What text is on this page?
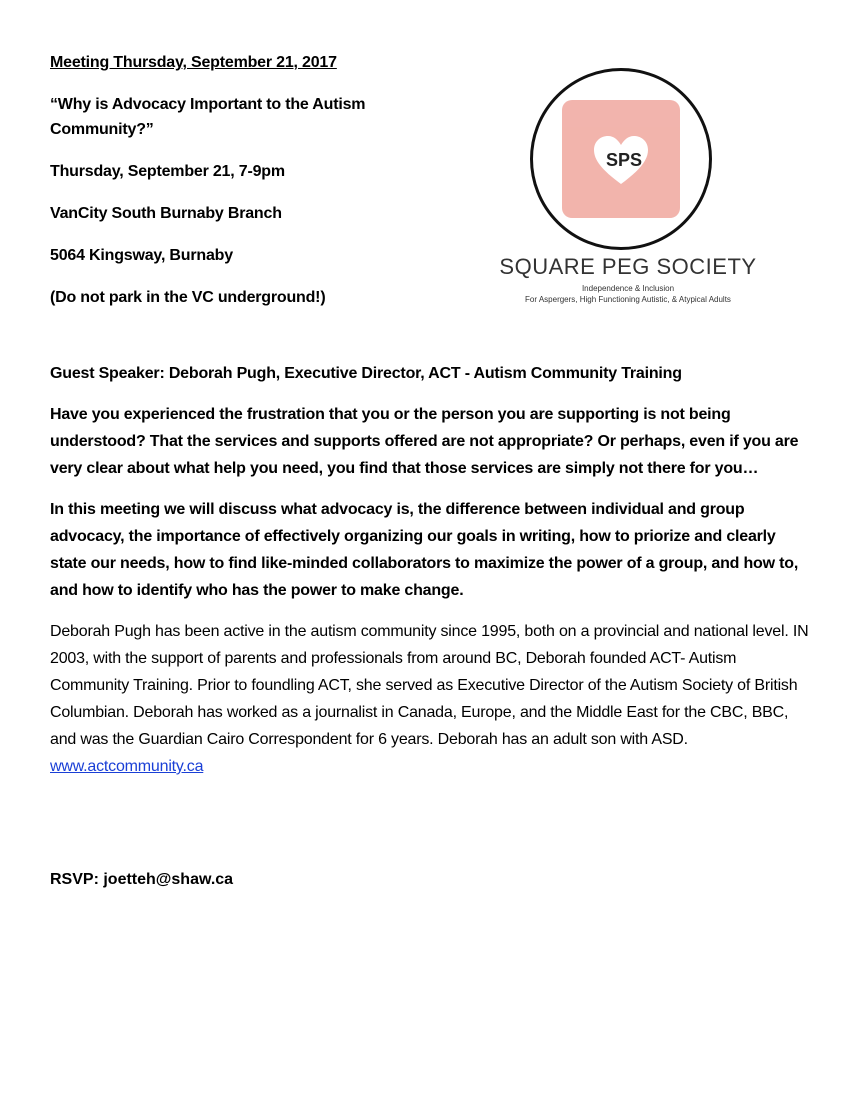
Meeting Thursday, September 21, 2017

“Why is Advocacy Important to the Autism
Community?”

Thursday, September 21, 7-9pm

VanCity South Burnaby Branch

5064 Kingsway, Burnaby

(Do not park in the VC underground!)

SPS
SQUARE PEG SOCIETY
Independence & Inclusion
For Aspergers, High Functioning Autistic, & Atypical Adults

Guest Speaker: Deborah Pugh, Executive Director, ACT - Autism Community Training

Have you experienced the frustration that you or the person you are supporting is not being understood? That the services and supports offered are not appropriate? Or perhaps, even if you are very clear about what help you need, you find that those services are simply not there for you…

In this meeting we will discuss what advocacy is, the difference between individual and group advocacy, the importance of effectively organizing our goals in writing, how to priorize and clearly state our needs, how to find like-minded collaborators to maximize the power of a group, and how to, and how to identify who has the power to make change.

Deborah Pugh has been active in the autism community since 1995, both on a provincial and national level. IN 2003, with the support of parents and professionals from around BC, Deborah founded ACT- Autism Community Training. Prior to foundling ACT, she served as Executive Director of the Autism Society of British Columbian. Deborah has worked as a journalist in Canada, Europe, and the Middle East for the CBC, BBC, and was the Guardian Cairo Correspondent for 6 years. Deborah has an adult son with ASD. www.actcommunity.ca

RSVP: joetteh@shaw.ca
